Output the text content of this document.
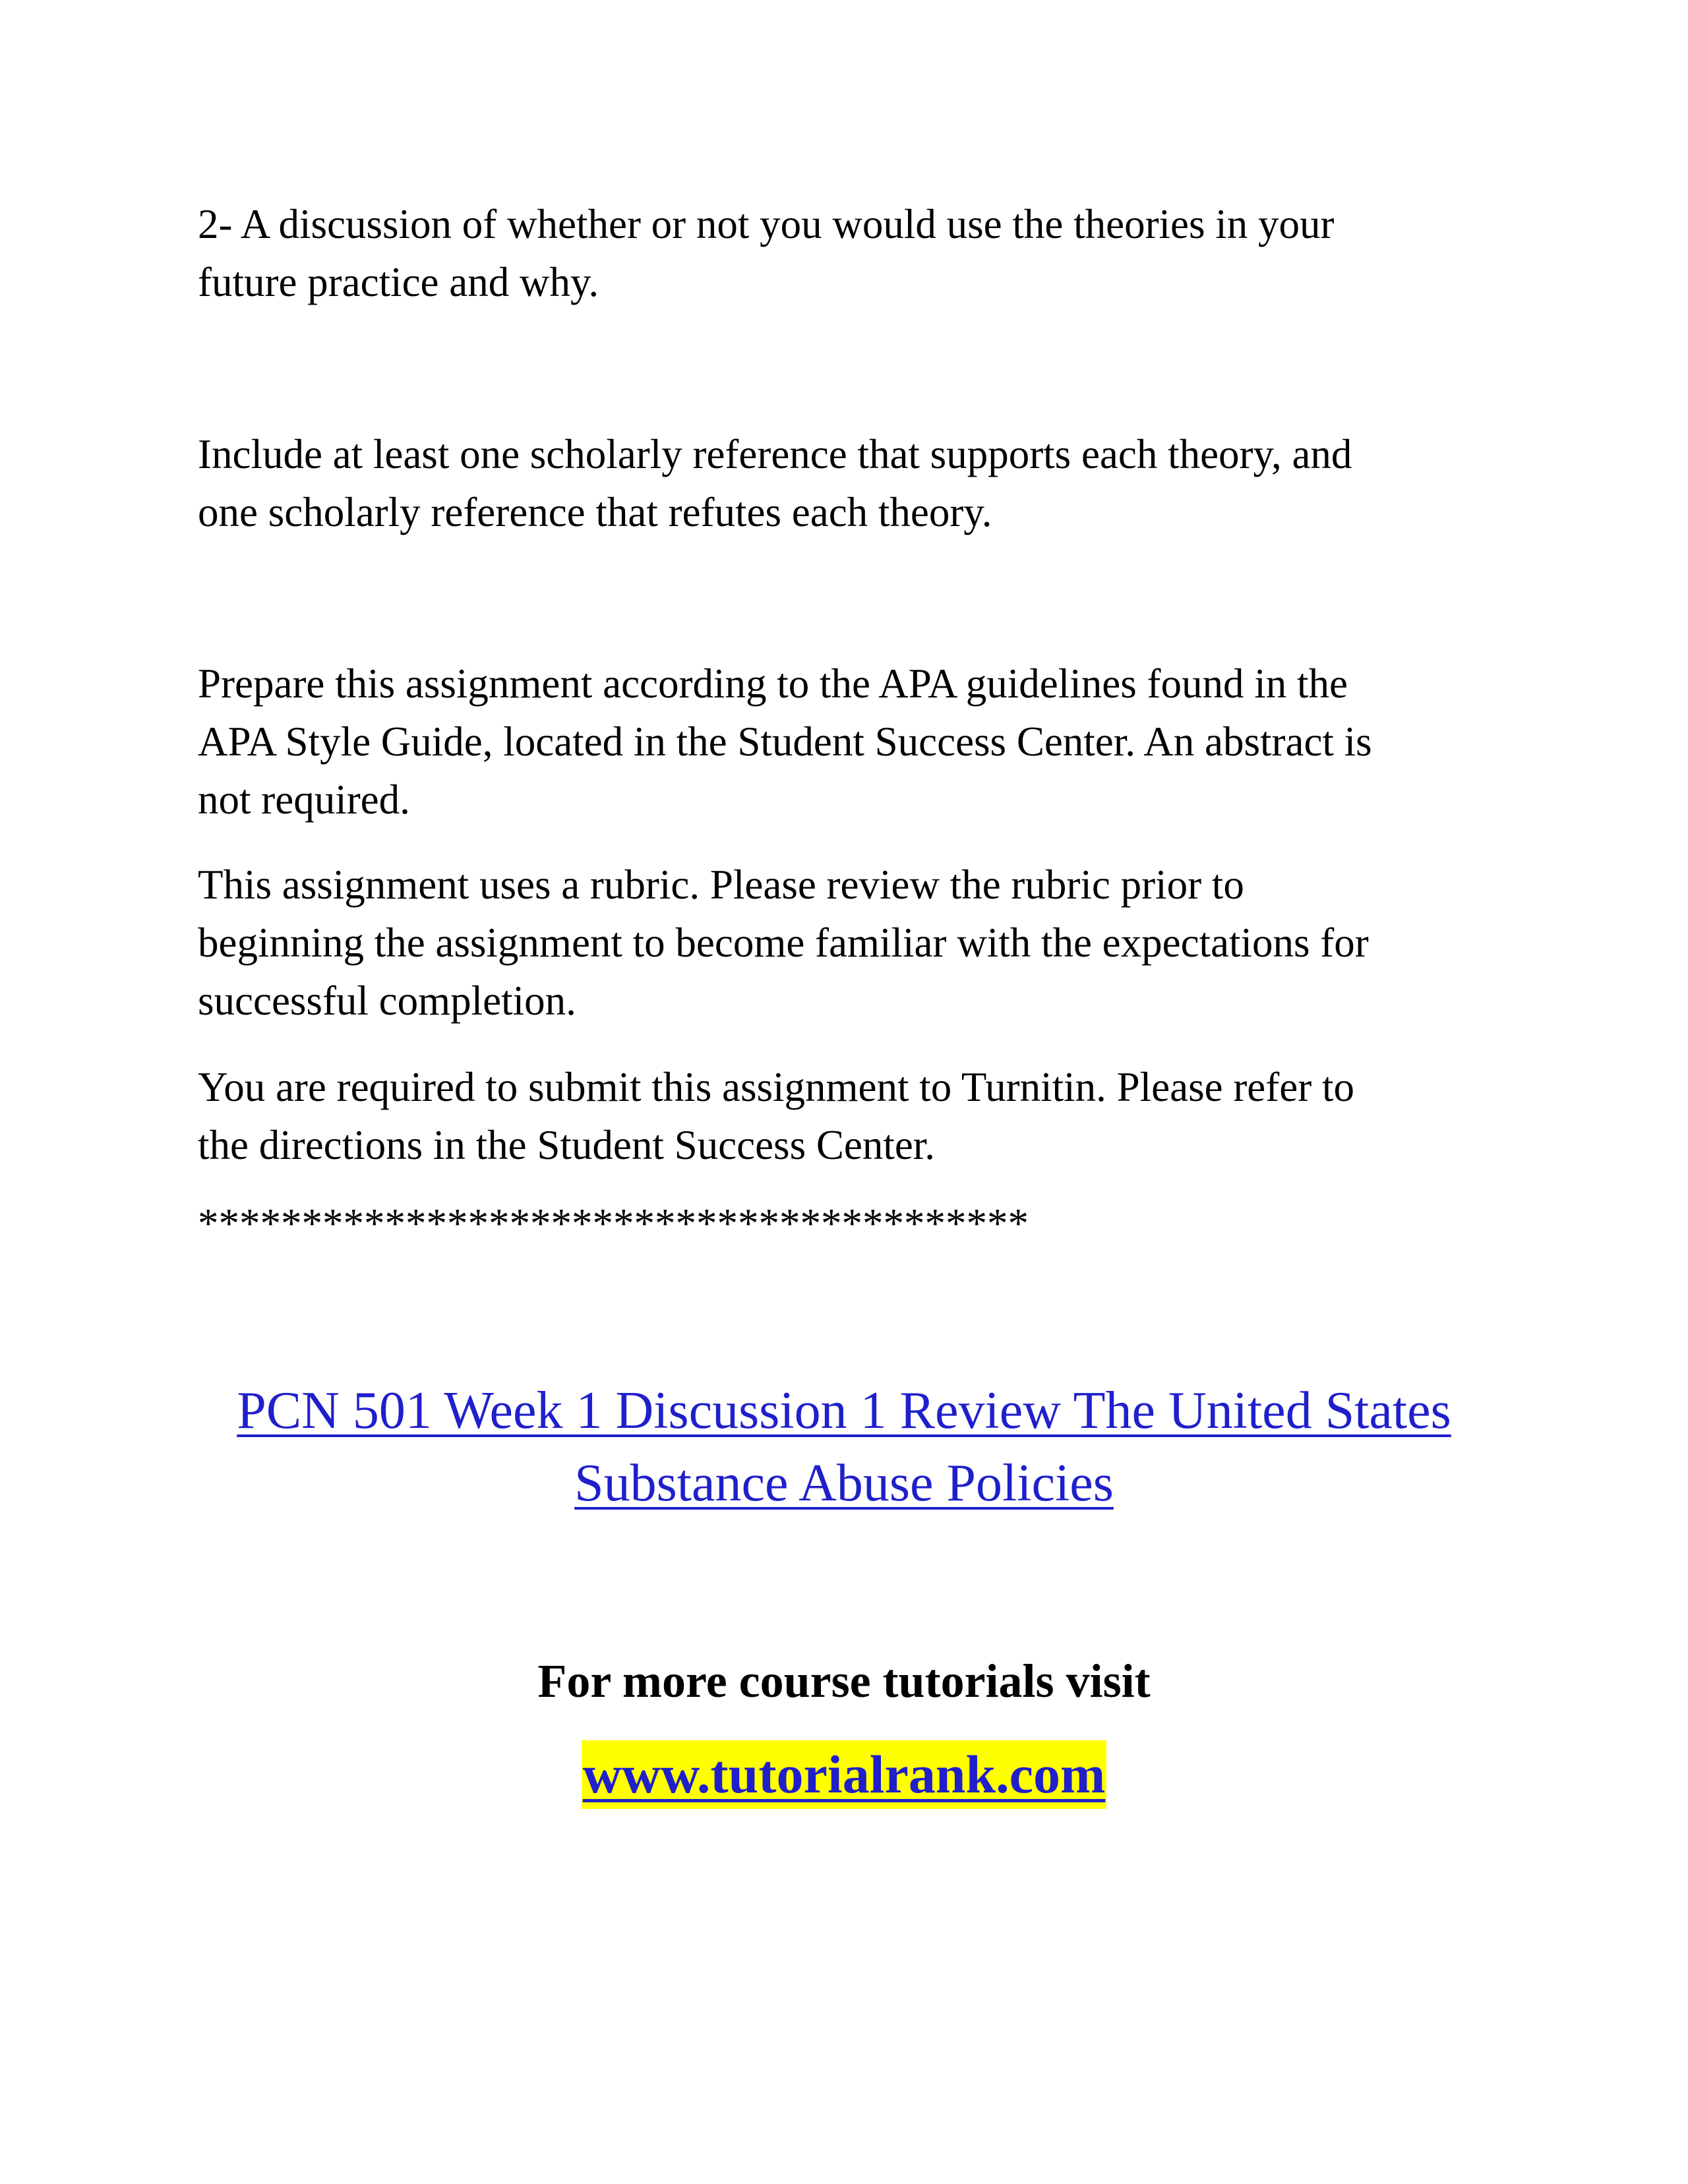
2- A discussion of whether or not you would use the theories in your
future practice and why.

Include at least one scholarly reference that supports each theory, and
one scholarly reference that refutes each theory.

Prepare this assignment according to the APA guidelines found in the
APA Style Guide, located in the Student Success Center. An abstract is
not required.

This assignment uses a rubric. Please review the rubric prior to
beginning the assignment to become familiar with the expectations for
successful completion.

You are required to submit this assignment to Turnitin. Please refer to
the directions in the Student Success Center.

****************************************
PCN 501 Week 1 Discussion 1 Review The United States
Substance Abuse Policies
For more course tutorials visit
www.tutorialrank.com
